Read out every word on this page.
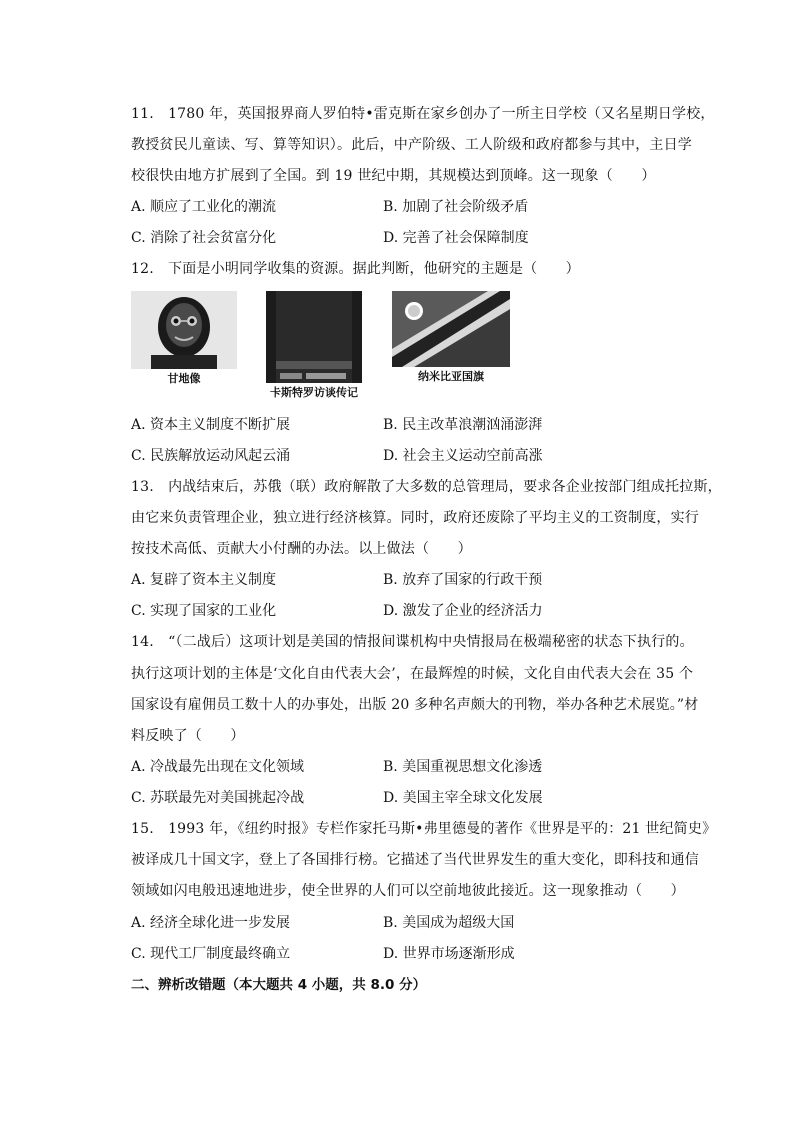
11.　1780 年，英国报界商人罗伯特•雷克斯在家乡创办了一所主日学校（又名星期日学校，
教授贫民儿童读、写、算等知识）。此后，中产阶级、工人阶级和政府都参与其中，主日学
校很快由地方扩展到了全国。到 19 世纪中期，其规模达到顶峰。这一现象（　　）
A. 顺应了工业化的潮流	B. 加剧了社会阶级矛盾
C. 消除了社会贫富分化	D. 完善了社会保障制度
12.　下面是小明同学收集的资源。据此判断，他研究的主题是（　　）
甘地像
卡斯特罗访谈传记
纳米比亚国旗
A. 资本主义制度不断扩展	B. 民主改革浪潮汹涌澎湃
C. 民族解放运动风起云涌	D. 社会主义运动空前高涨
13.　内战结束后，苏俄（联）政府解散了大多数的总管理局，要求各企业按部门组成托拉斯，
由它来负责管理企业，独立进行经济核算。同时，政府还废除了平均主义的工资制度，实行
按技术高低、贡献大小付酬的办法。以上做法（　　）
A. 复辟了资本主义制度	B. 放弃了国家的行政干预
C. 实现了国家的工业化	D. 激发了企业的经济活力
14.　“（二战后）这项计划是美国的情报间谍机构中央情报局在极端秘密的状态下执行的。
执行这项计划的主体是‘文化自由代表大会’，在最辉煌的时候，文化自由代表大会在 35 个
国家设有雇佣员工数十人的办事处，出版 20 多种名声颇大的刊物，举办各种艺术展览。”材
料反映了（　　）
A. 冷战最先出现在文化领域	B. 美国重视思想文化渗透
C. 苏联最先对美国挑起冷战	D. 美国主宰全球文化发展
15.　1993 年，《纽约时报》专栏作家托马斯•弗里德曼的著作《世界是平的：21 世纪简史》
被译成几十国文字，登上了各国排行榜。它描述了当代世界发生的重大变化，即科技和通信
领域如闪电般迅速地进步，使全世界的人们可以空前地彼此接近。这一现象推动（　　）
A. 经济全球化进一步发展	B. 美国成为超级大国
C. 现代工厂制度最终确立	D. 世界市场逐渐形成
二、辨析改错题（本大题共 4 小题，共 8.0 分）
